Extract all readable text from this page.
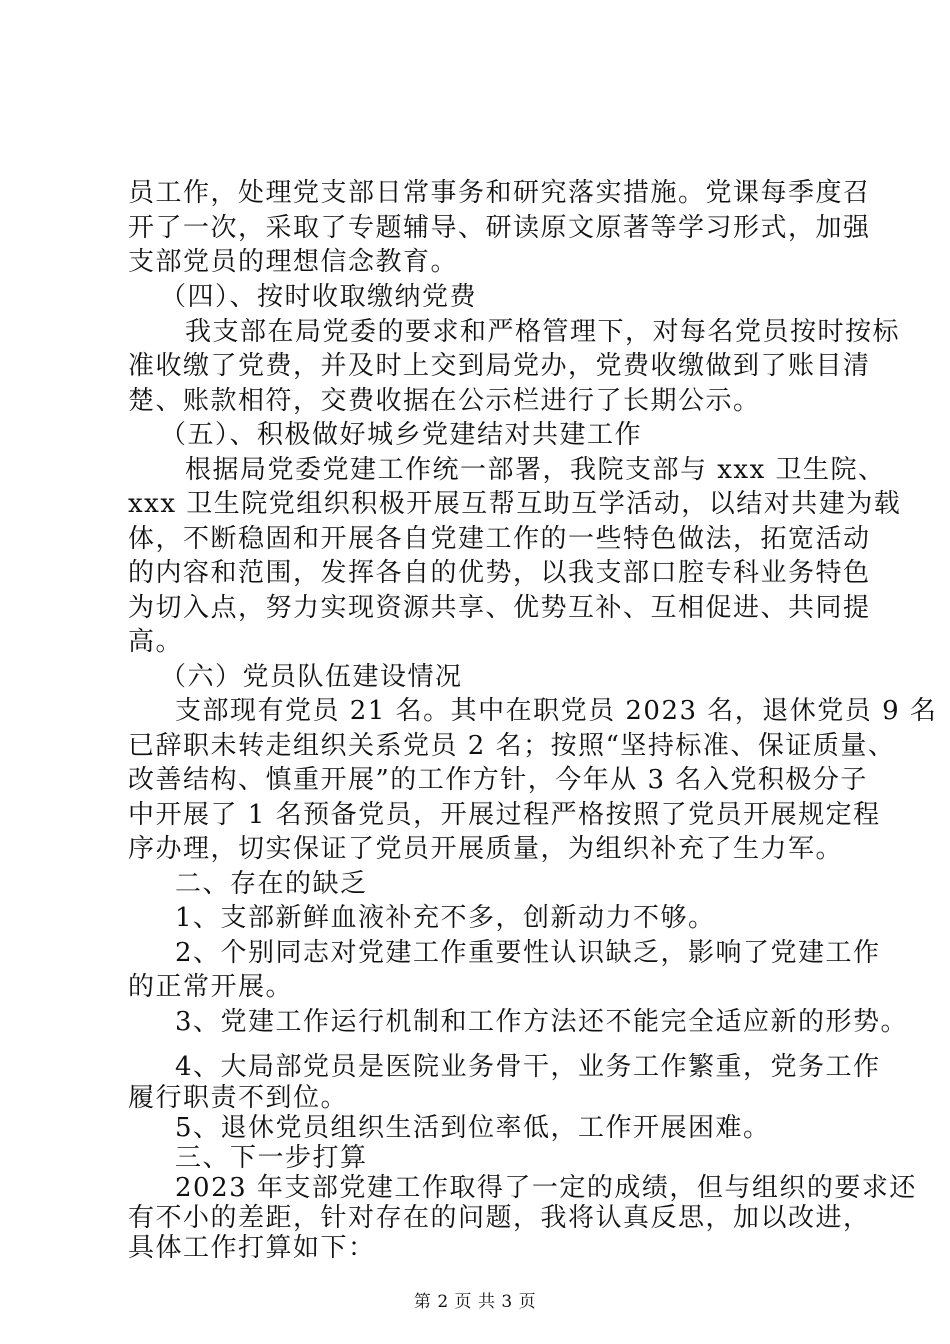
员工作，处理党支部日常事务和研究落实措施。党课每季度召
开了一次，采取了专题辅导、研读原文原著等学习形式，加强
支部党员的理想信念教育。
（四）、按时收取缴纳党费
我支部在局党委的要求和严格管理下，对每名党员按时按标
准收缴了党费，并及时上交到局党办，党费收缴做到了账目清
楚、账款相符，交费收据在公示栏进行了长期公示。
（五）、积极做好城乡党建结对共建工作
根据局党委党建工作统一部署，我院支部与 xxx 卫生院、
xxx 卫生院党组织积极开展互帮互助互学活动，以结对共建为载
体，不断稳固和开展各自党建工作的一些特色做法，拓宽活动
的内容和范围，发挥各自的优势，以我支部口腔专科业务特色
为切入点，努力实现资源共享、优势互补、互相促进、共同提
高。
（六）党员队伍建设情况
支部现有党员 21 名。其中在职党员 2023 名，退休党员 9 名
已辞职未转走组织关系党员 2 名；按照“坚持标准、保证质量、
改善结构、慎重开展”的工作方针，今年从 3 名入党积极分子
中开展了 1 名预备党员，开展过程严格按照了党员开展规定程
序办理，切实保证了党员开展质量，为组织补充了生力军。
二、存在的缺乏
1、支部新鲜血液补充不多，创新动力不够。
2、个别同志对党建工作重要性认识缺乏，影响了党建工作
的正常开展。
3、党建工作运行机制和工作方法还不能完全适应新的形势。
4、大局部党员是医院业务骨干，业务工作繁重，党务工作
履行职责不到位。
5、退休党员组织生活到位率低，工作开展困难。
三、下一步打算
2023 年支部党建工作取得了一定的成绩，但与组织的要求还
有不小的差距，针对存在的问题，我将认真反思，加以改进，
具体工作打算如下：
第 2 页 共 3 页
